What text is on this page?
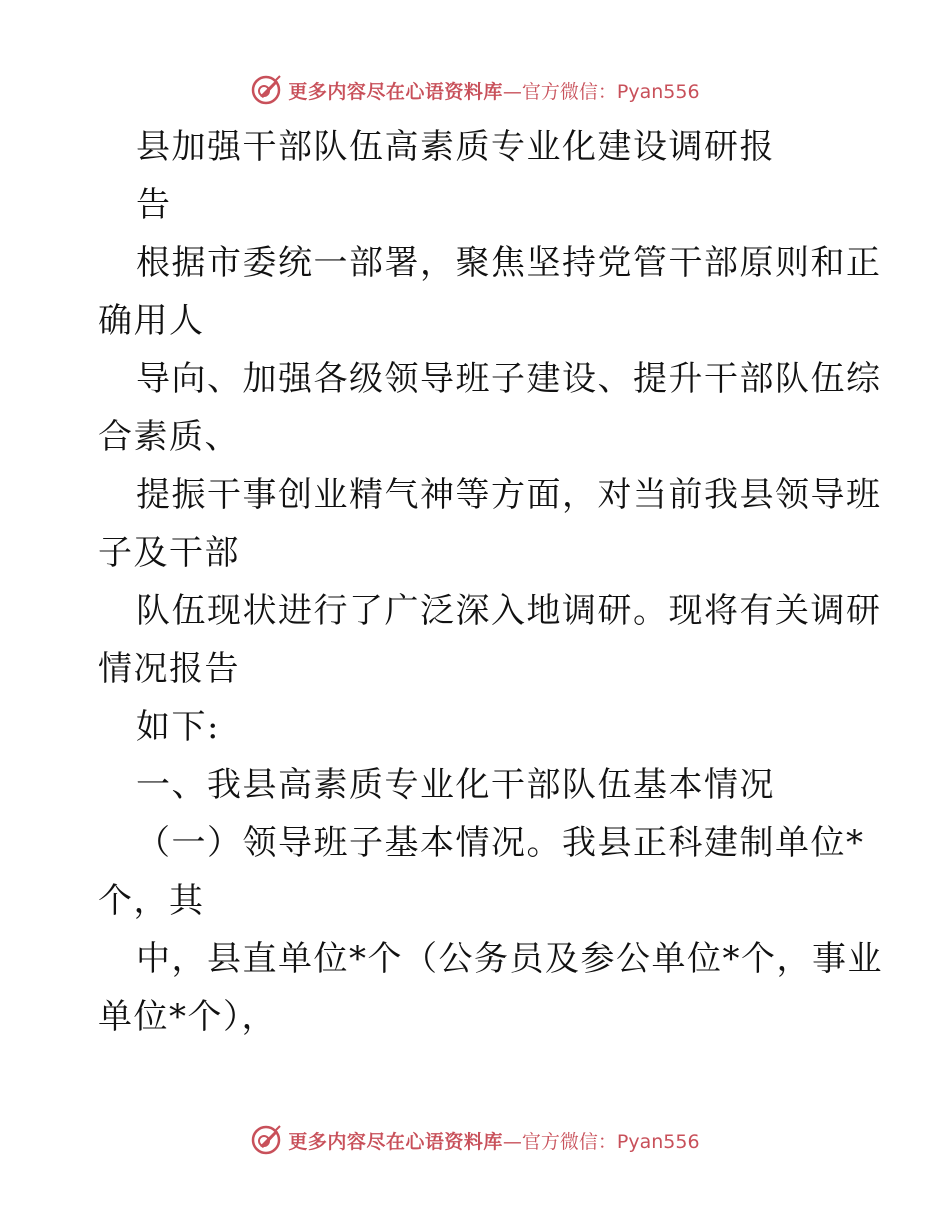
更多内容尽在心语资料库 —官方微信：Pyan556
县加强干部队伍高素质专业化建设调研报
告
根据市委统一部署，聚焦坚持党管干部原则和正
确用人
导向、加强各级领导班子建设、提升干部队伍综
合素质、
提振干事创业精气神等方面，对当前我县领导班
子及干部
队伍现状进行了广泛深入地调研。现将有关调研
情况报告
如下:
一、我县高素质专业化干部队伍基本情况
（一）领导班子基本情况。我县正科建制单位*
个，其
中，县直单位*个（公务员及参公单位*个，事业
单位*个），
更多内容尽在心语资料库 —官方微信：Pyan556
